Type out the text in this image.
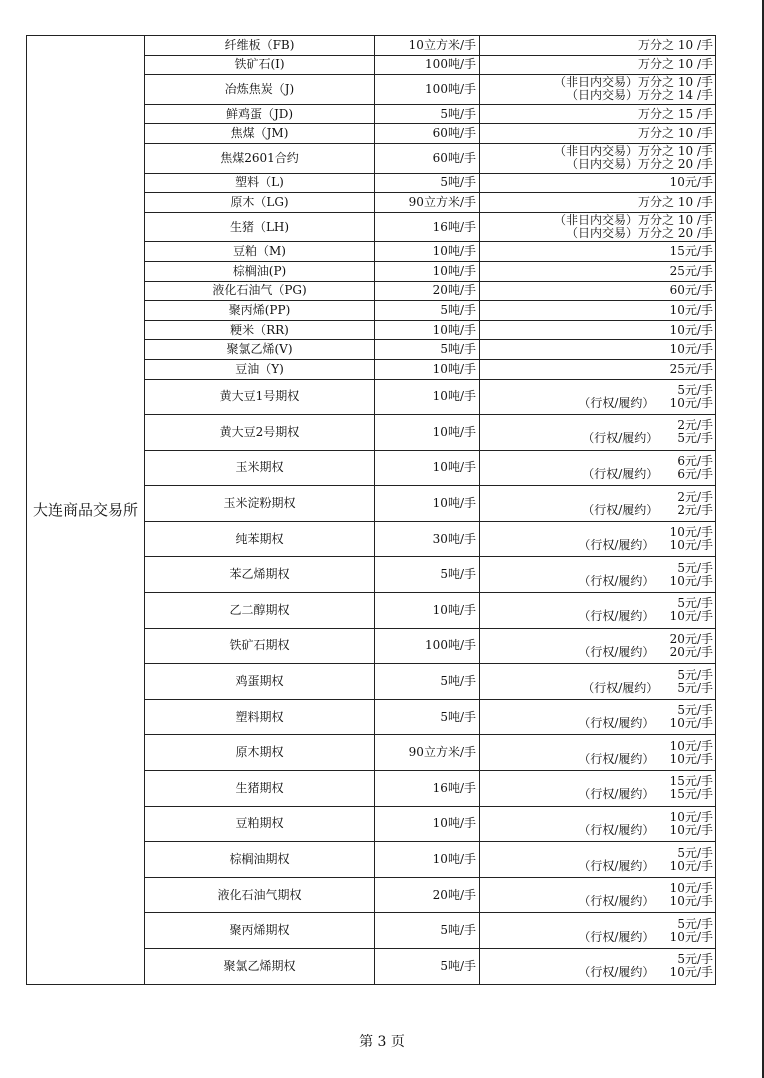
大连商品交易所	纤维板（FB)	10立方米/手	万分之 10 /手

	铁矿石(I)	100吨/手	万分之 10 /手

	冶炼焦炭（J)	100吨/手	（非日内交易）万分之 10 /手
（日内交易）万分之 14 /手

	鲜鸡蛋（JD)	5吨/手	万分之 15 /手

	焦煤（JM)	60吨/手	万分之 10 /手

	焦煤2601合约	60吨/手	（非日内交易）万分之 10 /手
（日内交易）万分之 20 /手

	塑料（L)	5吨/手	10元/手

	原木（LG)	90立方米/手	万分之 10 /手

	生猪（LH)	16吨/手	（非日内交易）万分之 10 /手
（日内交易）万分之 20 /手

	豆粕（M)	10吨/手	15元/手

	棕榈油(P)	10吨/手	25元/手

	液化石油气（PG)	20吨/手	60元/手

	聚丙烯(PP)	5吨/手	10元/手

	粳米（RR)	10吨/手	10元/手

	聚氯乙烯(V)	5吨/手	10元/手

	豆油（Y)	10吨/手	25元/手

	黄大豆1号期权	10吨/手	5元/手
（行权/履约）    10元/手

	黄大豆2号期权	10吨/手	2元/手
（行权/履约）     5元/手

	玉米期权	10吨/手	6元/手
（行权/履约）     6元/手

	玉米淀粉期权	10吨/手	2元/手
（行权/履约）     2元/手

	纯苯期权	30吨/手	10元/手
（行权/履约）    10元/手

	苯乙烯期权	5吨/手	5元/手
（行权/履约）    10元/手

	乙二醇期权	10吨/手	5元/手
（行权/履约）    10元/手

	铁矿石期权	100吨/手	20元/手
（行权/履约）    20元/手

	鸡蛋期权	5吨/手	5元/手
（行权/履约）     5元/手

	塑料期权	5吨/手	5元/手
（行权/履约）    10元/手

	原木期权	90立方米/手	10元/手
（行权/履约）    10元/手

	生猪期权	16吨/手	15元/手
（行权/履约）    15元/手

	豆粕期权	10吨/手	10元/手
（行权/履约）    10元/手

	棕榈油期权	10吨/手	5元/手
（行权/履约）    10元/手

	液化石油气期权	20吨/手	10元/手
（行权/履约）    10元/手

	聚丙烯期权	5吨/手	5元/手
（行权/履约）    10元/手

	聚氯乙烯期权	5吨/手	5元/手
（行权/履约）    10元/手
第 3 页
